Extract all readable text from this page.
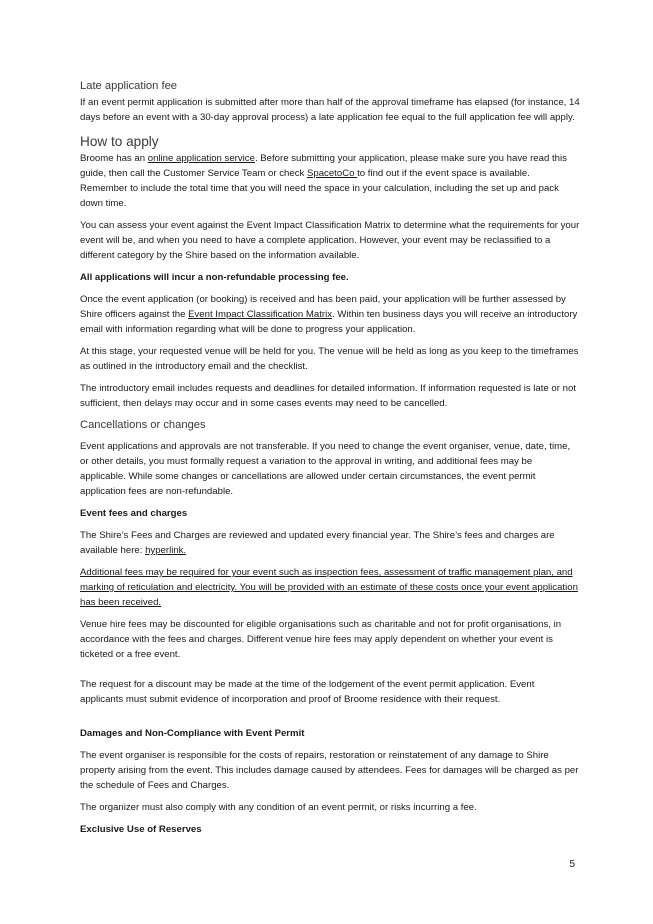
Late application fee

If an event permit application is submitted after more than half of the approval timeframe has elapsed (for instance, 14 days before an event with a 30-day approval process) a late application fee equal to the full application fee will apply.

How to apply

Broome has an online application service. Before submitting your application, please make sure you have read this guide, then call the Customer Service Team or check SpacetoCo to find out if the event space is available. Remember to include the total time that you will need the space in your calculation, including the set up and pack down time.

You can assess your event against the Event Impact Classification Matrix to determine what the requirements for your event will be, and when you need to have a complete application. However, your event may be reclassified to a different category by the Shire based on the information available.

All applications will incur a non-refundable processing fee.

Once the event application (or booking) is received and has been paid, your application will be further assessed by Shire officers against the Event Impact Classification Matrix. Within ten business days you will receive an introductory email with information regarding what will be done to progress your application.

At this stage, your requested venue will be held for you. The venue will be held as long as you keep to the timeframes as outlined in the introductory email and the checklist.

The introductory email includes requests and deadlines for detailed information. If information requested is late or not sufficient, then delays may occur and in some cases events may need to be cancelled.

Cancellations or changes

Event applications and approvals are not transferable. If you need to change the event organiser, venue, date, time, or other details, you must formally request a variation to the approval in writing, and additional fees may be applicable. While some changes or cancellations are allowed under certain circumstances, the event permit application fees are non-refundable.

Event fees and charges

The Shire’s Fees and Charges are reviewed and updated every financial year. The Shire’s fees and charges are available here: hyperlink.

Additional fees may be required for your event such as inspection fees, assessment of traffic management plan, and marking of reticulation and electricity. You will be provided with an estimate of these costs once your event application has been received.

Venue hire fees may be discounted for eligible organisations such as charitable and not for profit organisations, in accordance with the fees and charges. Different venue hire fees may apply dependent on whether your event is ticketed or a free event.

The request for a discount may be made at the time of the lodgement of the event permit application. Event applicants must submit evidence of incorporation and proof of Broome residence with their request.

Damages and Non-Compliance with Event Permit

The event organiser is responsible for the costs of repairs, restoration or reinstatement of any damage to Shire property arising from the event. This includes damage caused by attendees. Fees for damages will be charged as per the schedule of Fees and Charges.

The organizer must also comply with any condition of an event permit, or risks incurring a fee.

Exclusive Use of Reserves

5
